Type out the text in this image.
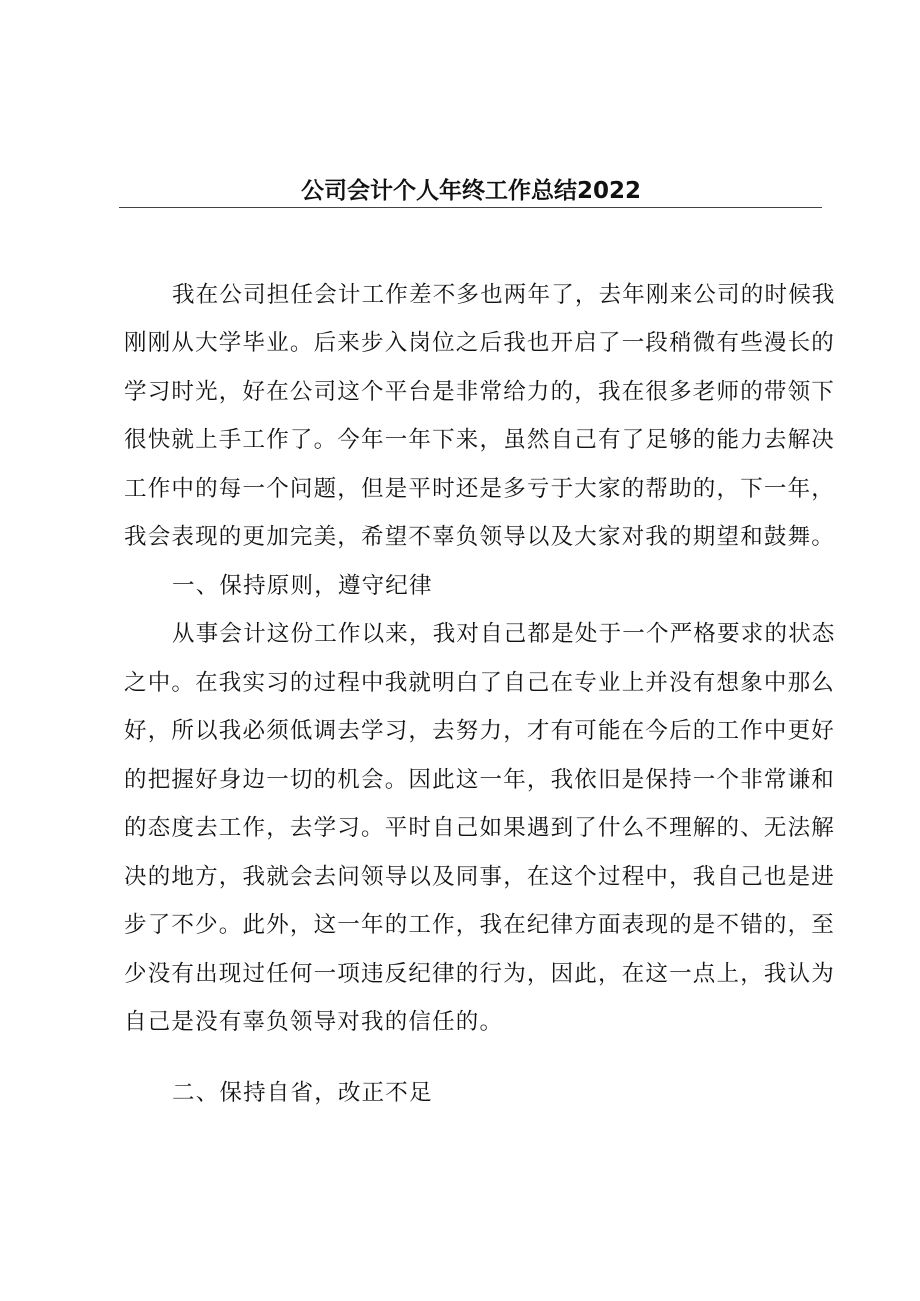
公司会计个人年终工作总结2022

我在公司担任会计工作差不多也两年了，去年刚来公司的时候我

刚刚从大学毕业。后来步入岗位之后我也开启了一段稍微有些漫长的

学习时光，好在公司这个平台是非常给力的，我在很多老师的带领下

很快就上手工作了。今年一年下来，虽然自己有了足够的能力去解决

工作中的每一个问题，但是平时还是多亏于大家的帮助的，下一年，

我会表现的更加完美，希望不辜负领导以及大家对我的期望和鼓舞。

一、保持原则，遵守纪律

从事会计这份工作以来，我对自己都是处于一个严格要求的状态

之中。在我实习的过程中我就明白了自己在专业上并没有想象中那么

好，所以我必须低调去学习，去努力，才有可能在今后的工作中更好

的把握好身边一切的机会。因此这一年，我依旧是保持一个非常谦和

的态度去工作，去学习。平时自己如果遇到了什么不理解的、无法解

决的地方，我就会去问领导以及同事，在这个过程中，我自己也是进

步了不少。此外，这一年的工作，我在纪律方面表现的是不错的，至

少没有出现过任何一项违反纪律的行为，因此，在这一点上，我认为

自己是没有辜负领导对我的信任的。

二、保持自省，改正不足
